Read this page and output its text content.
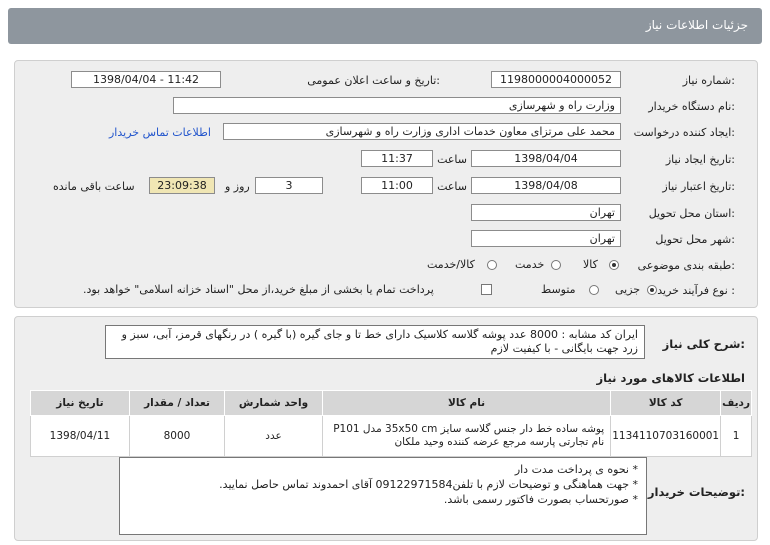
جزئیات اطلاعات نیاز
شماره نیاز:
1198000004000052
تاریخ و ساعت اعلان عمومی:
1398/04/04 - 11:42
نام دستگاه خریدار:
وزارت راه و شهرسازی
ایجاد کننده درخواست:
محمد علی مرتزای معاون خدمات اداری وزارت راه و شهرسازی
اطلاعات تماس خریدار
تاریخ ایجاد نیاز:
1398/04/04
ساعت
11:37
تاریخ اعتبار نیاز:
1398/04/08
ساعت
11:00
3
روز و
23:09:38
ساعت باقی مانده
استان محل تحویل:
تهران
شهر محل تحویل:
تهران
طبقه بندی موضوعی:
کالا
خدمت
کالا/خدمت
نوع فرآیند خرید :
جزیی
متوسط
پرداخت تمام یا بخشی از مبلغ خرید،از محل "اسناد خزانه اسلامی" خواهد بود.
شرح کلی نیاز:
ایران کد مشابه : 8000 عدد پوشه گلاسه کلاسیک دارای خط تا و جای گیره (با گیره ) در رنگهای قرمز، آبی، سبز و زرد جهت بایگانی - با کیفیت لازم
اطلاعات کالاهای مورد نیاز
* نحوه ی پرداخت مدت دار
* جهت هماهنگی و توضیحات لازم با تلفن09122971584 آقای احمدوند تماس حاصل نمایید.
* صورتحساب بصورت فاکتور رسمی باشد.
توضیحات خریدار:
ردیف	کد کالا	نام کالا	واحد شمارش	تعداد / مقدار	تاریخ نیاز
1	1134110703160001	پوشه ساده خط دار جنس گلاسه سایز 35x50 cm مدل P101 نام تجارتی پارسه مرجع عرضه کننده وحید ملکان	عدد	8000	1398/04/11
